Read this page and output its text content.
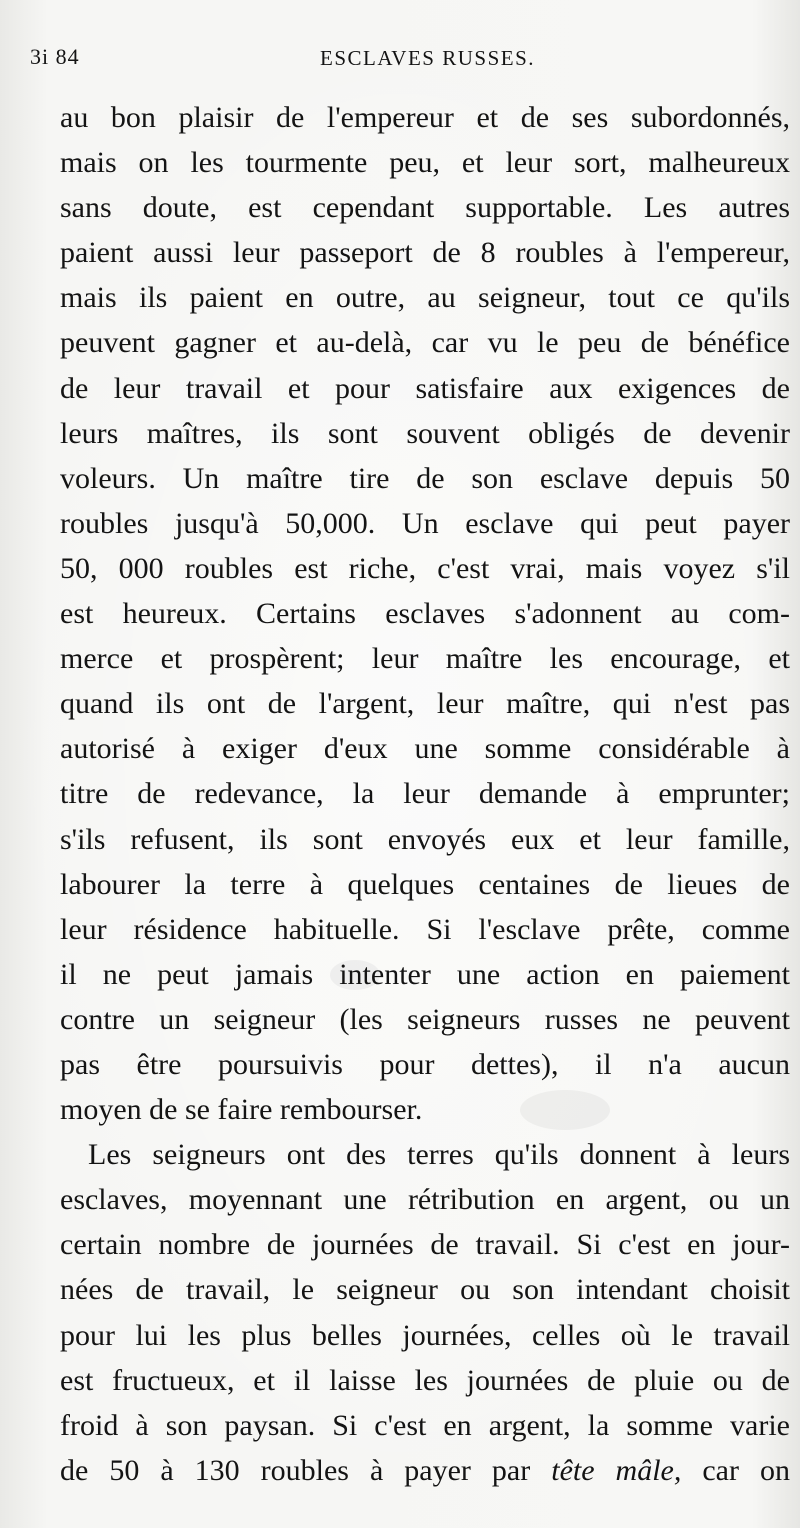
3i 84	ESCLAVES RUSSES.
au bon plaisir de l'empereur et de ses subordonnés,
mais on les tourmente peu, et leur sort, malheureux
sans doute, est cependant supportable. Les autres
paient aussi leur passeport de 8 roubles à l'empereur,
mais ils paient en outre, au seigneur, tout ce qu'ils
peuvent gagner et au-delà, car vu le peu de bénéfice
de leur travail et pour satisfaire aux exigences de
leurs maîtres, ils sont souvent obligés de devenir
voleurs. Un maître tire de son esclave depuis 50
roubles jusqu'à 50,000. Un esclave qui peut payer
50, 000 roubles est riche, c'est vrai, mais voyez s'il
est heureux. Certains esclaves s'adonnent au com-
merce et prospèrent; leur maître les encourage, et
quand ils ont de l'argent, leur maître, qui n'est pas
autorisé à exiger d'eux une somme considérable à
titre de redevance, la leur demande à emprunter;
s'ils refusent, ils sont envoyés eux et leur famille,
labourer la terre à quelques centaines de lieues de
leur résidence habituelle. Si l'esclave prête, comme
il ne peut jamais intenter une action en paiement
contre un seigneur (les seigneurs russes ne peuvent
pas être poursuivis pour dettes), il n'a aucun
moyen de se faire rembourser.
Les seigneurs ont des terres qu'ils donnent à leurs
esclaves, moyennant une rétribution en argent, ou un
certain nombre de journées de travail. Si c'est en jour-
nées de travail, le seigneur ou son intendant choisit
pour lui les plus belles journées, celles où le travail
est fructueux, et il laisse les journées de pluie ou de
froid à son paysan. Si c'est en argent, la somme varie
de 50 à 130 roubles à payer par tête mâle, car on
